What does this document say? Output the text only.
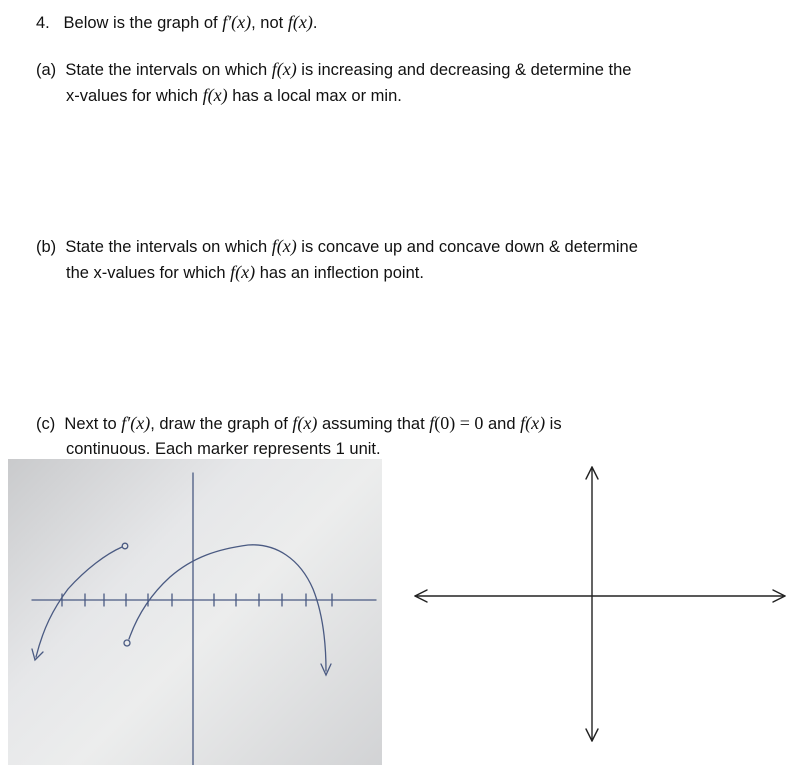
4. Below is the graph of f′(x), not f(x).
(a) State the intervals on which f(x) is increasing and decreasing & determine the
x-values for which f(x) has a local max or min.
(b) State the intervals on which f(x) is concave up and concave down & determine
the x-values for which f(x) has an inflection point.
(c) Next to f′(x), draw the graph of f(x) assuming that f(0) = 0 and f(x) is
continuous. Each marker represents 1 unit.
